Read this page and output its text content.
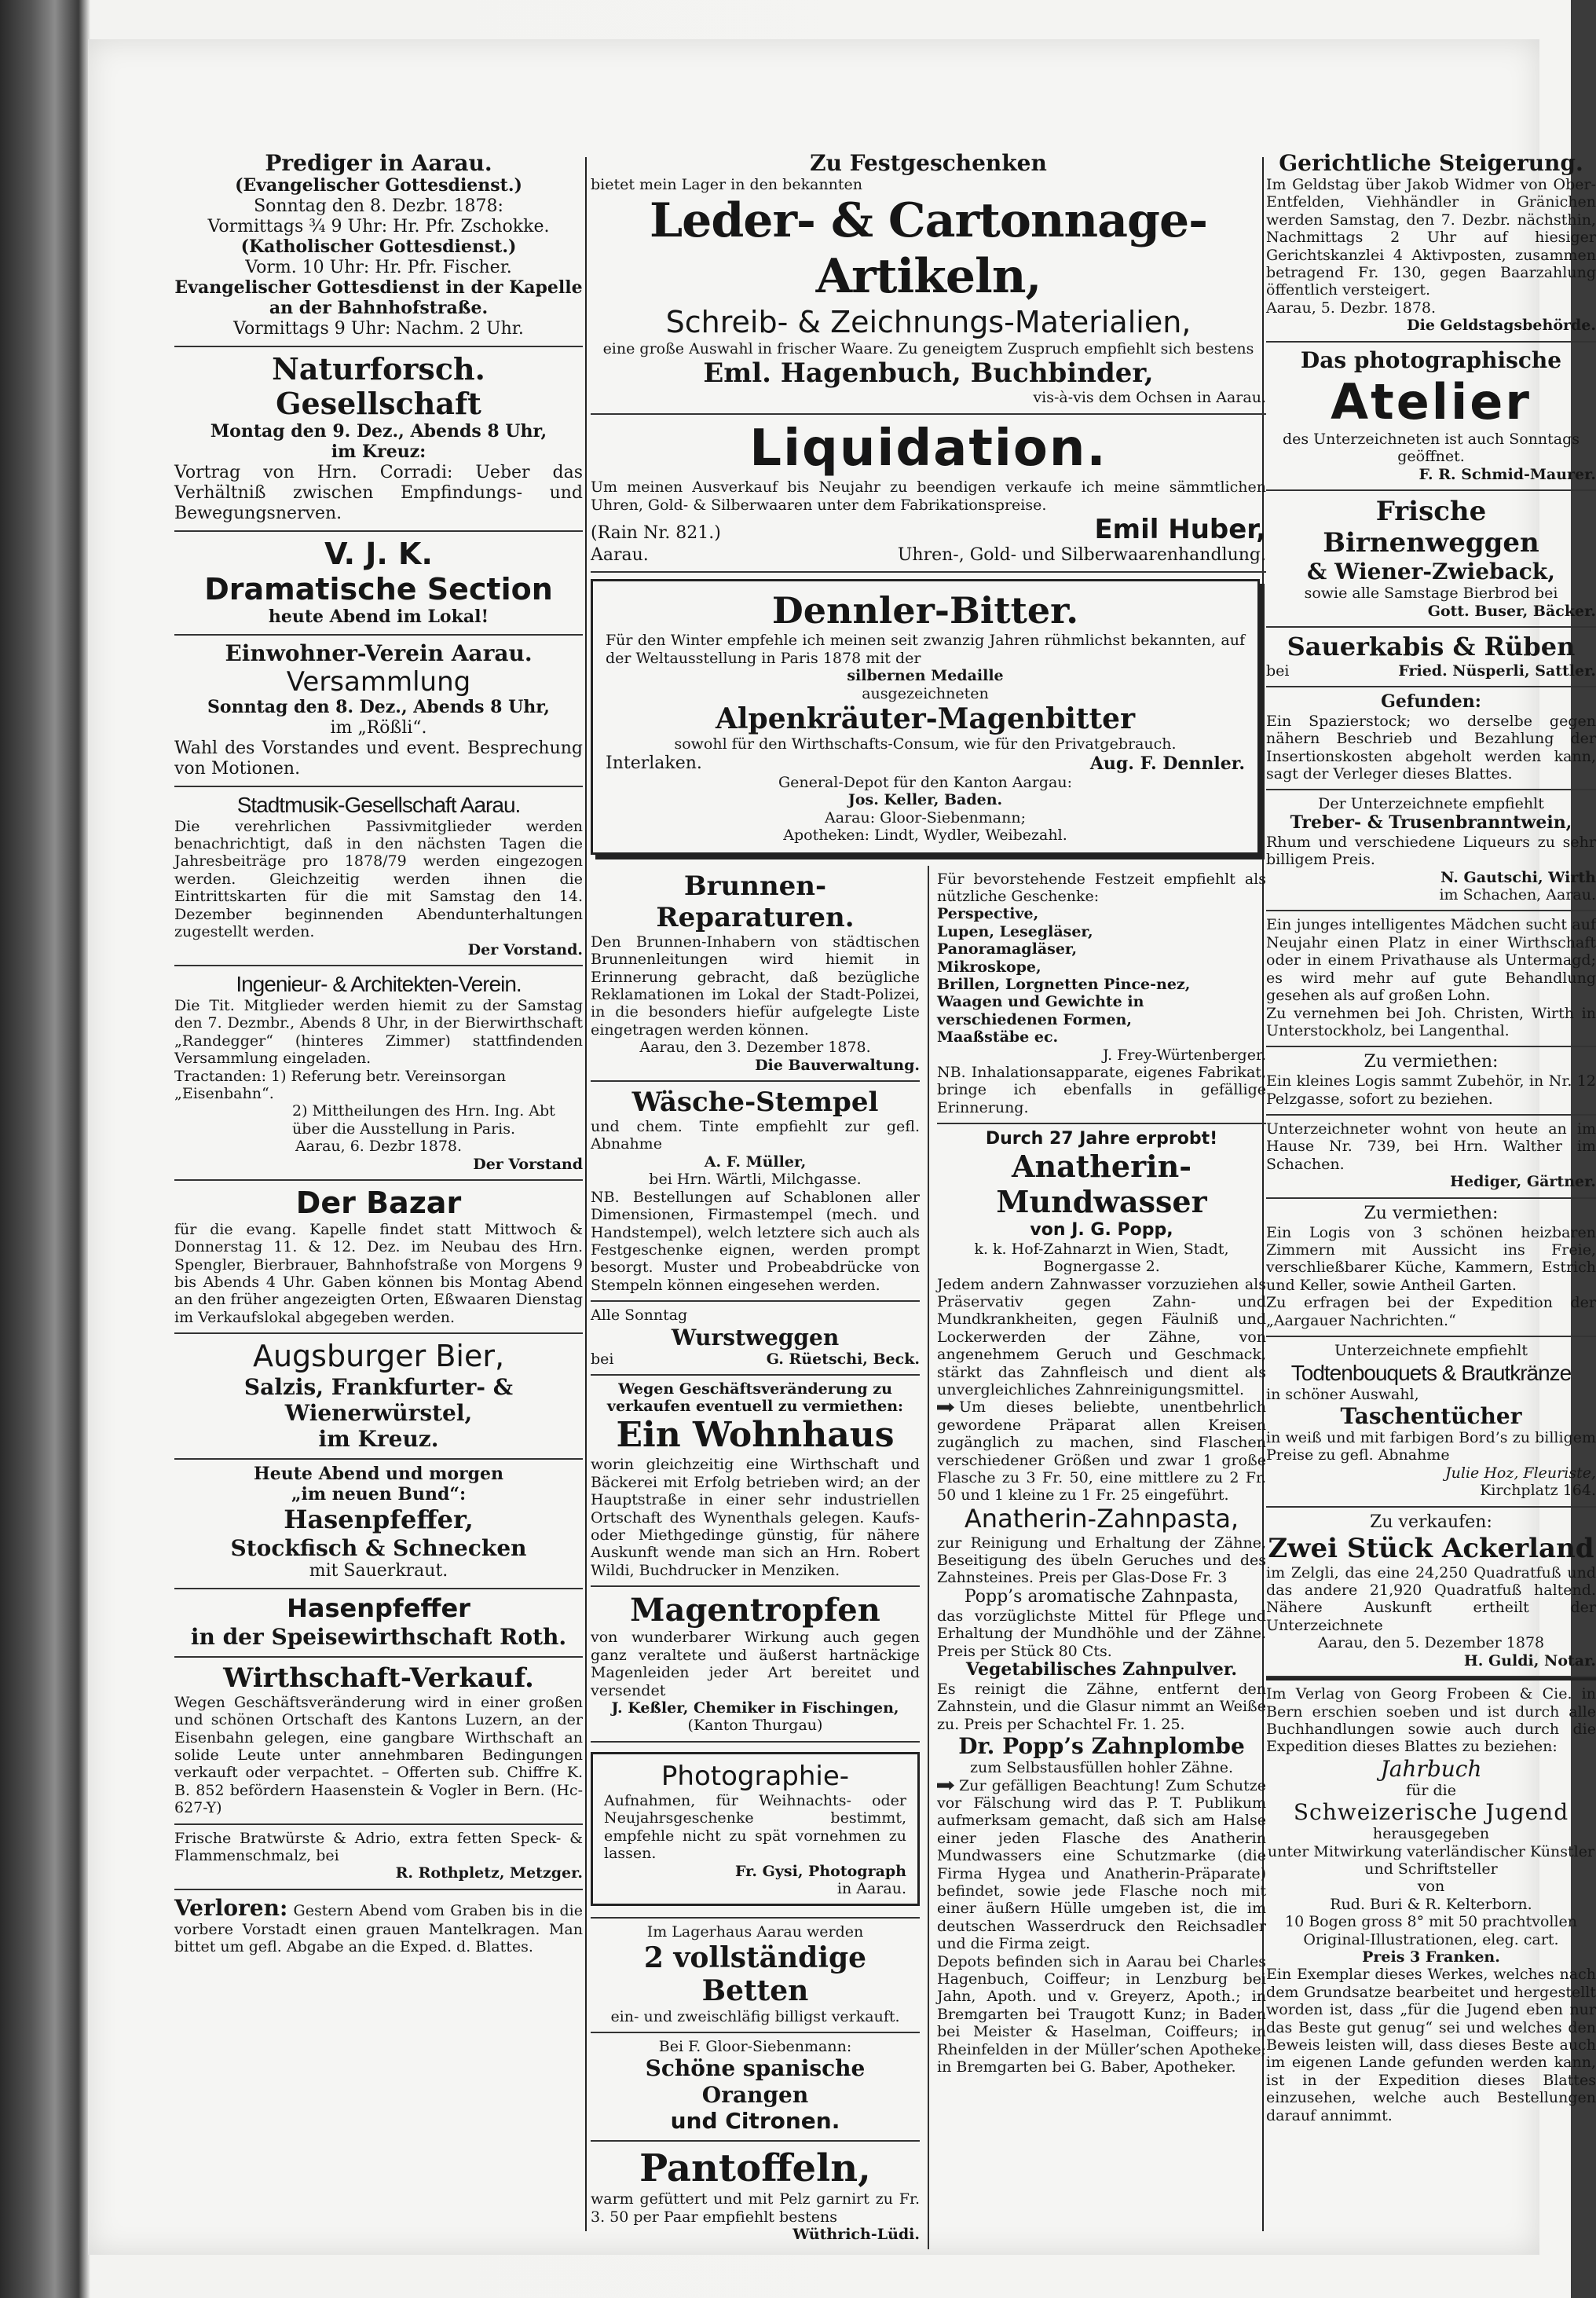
Prediger in Aarau.

(Evangelischer Gottesdienst.)

Sonntag den 8. Dezbr. 1878:

Vormittags ¾ 9 Uhr: Hr. Pfr. Zschokke.

(Katholischer Gottesdienst.)

Vorm. 10 Uhr: Hr. Pfr. Fischer.

Evangelischer Gottesdienst in der Kapelle an der Bahnhofstraße.

Vormittags 9 Uhr: Nachm. 2 Uhr.

Naturforsch. Gesellschaft

Montag den 9. Dez., Abends 8 Uhr,

im Kreuz:

Vortrag von Hrn. Corradi: Ueber das Verhältniß zwischen Empfindungs- und Bewegungsnerven.

V. J. K.

Dramatische Section

heute Abend im Lokal!

Einwohner-Verein Aarau.

Versammlung

Sonntag den 8. Dez., Abends 8 Uhr,

im „Rößli“.

Wahl des Vorstandes und event. Besprechung von Motionen.

Stadtmusik-Gesellschaft Aarau.

Die verehrlichen Passivmitglieder werden benachrichtigt, daß in den nächsten Tagen die Jahresbeiträge pro 1878/79 werden eingezogen werden. Gleichzeitig werden ihnen die Eintrittskarten für die mit Samstag den 14. Dezember beginnenden Abendunterhaltungen zugestellt werden.

Der Vorstand.

Ingenieur- & Architekten-Verein.

Die Tit. Mitglieder werden hiemit zu der Samstag den 7. Dezmbr., Abends 8 Uhr, in der Bierwirthschaft „Randegger“ (hinteres Zimmer) stattfindenden Versammlung eingeladen.

Tractanden: 1) Referung betr. Vereinsorgan „Eisenbahn“.

2) Mittheilungen des Hrn. Ing. Abt über die Ausstellung in Paris.

Aarau, 6. Dezbr 1878.

Der Vorstand

Der Bazar

für die evang. Kapelle findet statt Mittwoch & Donnerstag 11. & 12. Dez. im Neubau des Hrn. Spengler, Bierbrauer, Bahnhofstraße von Morgens 9 bis Abends 4 Uhr. Gaben können bis Montag Abend an den früher angezeigten Orten, Eßwaaren Dienstag im Verkaufslokal abgegeben werden.

Augsburger Bier,

Salzis, Frankfurter- &

Wienerwürstel,

im Kreuz.

Heute Abend und morgen

„im neuen Bund“:

Hasenpfeffer,

Stockfisch & Schnecken

mit Sauerkraut.

Hasenpfeffer

in der Speisewirthschaft Roth.

Wirthschaft-Verkauf.

Wegen Geschäftsveränderung wird in einer großen und schönen Ortschaft des Kantons Luzern, an der Eisenbahn gelegen, eine gangbare Wirthschaft an solide Leute unter annehmbaren Bedingungen verkauft oder verpachtet. – Offerten sub. Chiffre K. B. 852 befördern Haasenstein & Vogler in Bern. (Hc-627-Y)

Frische Bratwürste & Adrio, extra fetten Speck- & Flammenschmalz, bei

R. Rothpletz, Metzger.

Verloren: Gestern Abend vom Graben bis in die vorbere Vorstadt einen grauen Mantelkragen. Man bittet um gefl. Abgabe an die Exped. d. Blattes.

Zu Festgeschenken

bietet mein Lager in den bekannten

Leder- & Cartonnage-Artikeln,

Schreib- & Zeichnungs-Materialien,

eine große Auswahl in frischer Waare. Zu geneigtem Zuspruch empfiehlt sich bestens

Eml. Hagenbuch, Buchbinder,

vis-à-vis dem Ochsen in Aarau.

Liquidation.

Um meinen Ausverkauf bis Neujahr zu beendigen verkaufe ich meine sämmtlichen Uhren, Gold- & Silberwaaren unter dem Fabrikationspreise.

(Rain Nr. 821.)	Emil Huber,
Aarau.	Uhren-, Gold- und Silberwaarenhandlung.

Dennler-Bitter.

Für den Winter empfehle ich meinen seit zwanzig Jahren rühmlichst bekannten, auf der Weltausstellung in Paris 1878 mit der

silbernen Medaille

ausgezeichneten

Alpenkräuter-Magenbitter

sowohl für den Wirthschafts-Consum, wie für den Privatgebrauch.

Interlaken.	Aug. F. Dennler.

General-Depot für den Kanton Aargau:

Jos. Keller, Baden.

Aarau: Gloor-Siebenmann;

Apotheken: Lindt, Wydler, Weibezahl.

Brunnen-Reparaturen.

Den Brunnen-Inhabern von städtischen Brunnenleitungen wird hiemit in Erinnerung gebracht, daß bezügliche Reklamationen im Lokal der Stadt-Polizei, in die besonders hiefür aufgelegte Liste eingetragen werden können.

Aarau, den 3. Dezember 1878.

Die Bauverwaltung.

Wäsche-Stempel

und chem. Tinte empfiehlt zur gefl. Abnahme

A. F. Müller,

bei Hrn. Wärtli, Milchgasse.

NB. Bestellungen auf Schablonen aller Dimensionen, Firmastempel (mech. und Handstempel), welch letztere sich auch als Festgeschenke eignen, werden prompt besorgt. Muster und Probeabdrücke von Stempeln können eingesehen werden.

Alle Sonntag

Wurstweggen

bei	G. Rüetschi, Beck.

Wegen Geschäftsveränderung zu verkaufen eventuell zu vermiethen:

Ein Wohnhaus

worin gleichzeitig eine Wirthschaft und Bäckerei mit Erfolg betrieben wird; an der Hauptstraße in einer sehr industriellen Ortschaft des Wynenthals gelegen. Kaufs- oder Miethgedinge günstig, für nähere Auskunft wende man sich an Hrn. Robert Wildi, Buchdrucker in Menziken.

Magentropfen

von wunderbarer Wirkung auch gegen ganz veraltete und äußerst hartnäckige Magenleiden jeder Art bereitet und versendet

J. Keßler, Chemiker in Fischingen,

(Kanton Thurgau)

Photographie-

Aufnahmen, für Weihnachts- oder Neujahrsgeschenke bestimmt, empfehle nicht zu spät vornehmen zu lassen.

Fr. Gysi, Photograph

in Aarau.

Im Lagerhaus Aarau werden

2 vollständige Betten

ein- und zweischläfig billigst verkauft.

Bei F. Gloor-Siebenmann:

Schöne spanische Orangen

und Citronen.

Pantoffeln,

warm gefüttert und mit Pelz garnirt zu Fr. 3. 50 per Paar empfiehlt bestens

Wüthrich-Lüdi.

Für bevorstehende Festzeit empfiehlt als nützliche Geschenke:

Perspective,

Lupen, Lesegläser,

Panoramagläser,

Mikroskope,

Brillen, Lorgnetten Pince-nez,

Waagen und Gewichte in verschiedenen Formen,

Maaßstäbe ec.

J. Frey-Würtenberger.

NB. Inhalationsapparate, eigenes Fabrikat, bringe ich ebenfalls in gefällige Erinnerung.

Durch 27 Jahre erprobt!

Anatherin-Mundwasser

von J. G. Popp,

k. k. Hof-Zahnarzt in Wien, Stadt, Bognergasse 2.

Jedem andern Zahnwasser vorzuziehen als Präservativ gegen Zahn- und Mundkrankheiten, gegen Fäulniß und Lockerwerden der Zähne, von angenehmem Geruch und Geschmack, stärkt das Zahnfleisch und dient als unvergleichliches Zahnreinigungsmittel.

Um dieses beliebte, unentbehrlich gewordene Präparat allen Kreisen zugänglich zu machen, sind Flaschen verschiedener Größen und zwar 1 große Flasche zu 3 Fr. 50, eine mittlere zu 2 Fr. 50 und 1 kleine zu 1 Fr. 25 eingeführt.

Anatherin-Zahnpasta,

zur Reinigung und Erhaltung der Zähne, Beseitigung des übeln Geruches und des Zahnsteines. Preis per Glas-Dose Fr. 3

Popp’s aromatische Zahnpasta,

das vorzüglichste Mittel für Pflege und Erhaltung der Mundhöhle und der Zähne. Preis per Stück 80 Cts.

Vegetabilisches Zahnpulver.

Es reinigt die Zähne, entfernt den Zahnstein, und die Glasur nimmt an Weiße zu. Preis per Schachtel Fr. 1. 25.

Dr. Popp’s Zahnplombe

zum Selbstausfüllen hohler Zähne.

Zur gefälligen Beachtung! Zum Schutze vor Fälschung wird das P. T. Publikum aufmerksam gemacht, daß sich am Halse einer jeden Flasche des Anatherin Mundwassers eine Schutzmarke (die Firma Hygea und Anatherin-Präparate) befindet, sowie jede Flasche noch mit einer äußern Hülle umgeben ist, die im deutschen Wasserdruck den Reichsadler und die Firma zeigt.

Depots befinden sich in Aarau bei Charles Hagenbuch, Coiffeur; in Lenzburg bei Jahn, Apoth. und v. Greyerz, Apoth.; in Bremgarten bei Traugott Kunz; in Baden bei Meister & Haselman, Coiffeurs; in Rheinfelden in der Müller’schen Apotheke; in Bremgarten bei G. Baber, Apotheker.

Gerichtliche Steigerung.

Im Geldstag über Jakob Widmer von Ober-Entfelden, Viehhändler in Gränichen werden Samstag, den 7. Dezbr. nächsthin, Nachmittags 2 Uhr auf hiesiger Gerichtskanzlei 4 Aktivposten, zusammen betragend Fr. 130, gegen Baarzahlung öffentlich versteigert.

Aarau, 5. Dezbr. 1878.

Die Geldstagsbehörde.

Das photographische

Atelier

des Unterzeichneten ist auch Sonntags geöffnet.

F. R. Schmid-Maurer.

Frische Birnenweggen

& Wiener-Zwieback,

sowie alle Samstage Bierbrod bei

Gott. Buser, Bäcker.

Sauerkabis & Rüben

bei	Fried. Nüsperli, Sattler.

Gefunden:

Ein Spazierstock; wo derselbe gegen nähern Beschrieb und Bezahlung der Insertionskosten abgeholt werden kann, sagt der Verleger dieses Blattes.

Der Unterzeichnete empfiehlt

Treber- & Trusenbranntwein,

Rhum und verschiedene Liqueurs zu sehr billigem Preis.

N. Gautschi, Wirth

im Schachen, Aarau.

Ein junges intelligentes Mädchen sucht auf Neujahr einen Platz in einer Wirthschaft oder in einem Privathause als Untermagd; es wird mehr auf gute Behandlung gesehen als auf großen Lohn.

Zu vernehmen bei Joh. Christen, Wirth in Unterstockholz, bei Langenthal.

Zu vermiethen:

Ein kleines Logis sammt Zubehör, in Nr. 12 Pelzgasse, sofort zu beziehen.

Unterzeichneter wohnt von heute an im Hause Nr. 739, bei Hrn. Walther im Schachen.

Hediger, Gärtner.

Zu vermiethen:

Ein Logis von 3 schönen heizbaren Zimmern mit Aussicht ins Freie, verschließbarer Küche, Kammern, Estrich und Keller, sowie Antheil Garten.

Zu erfragen bei der Expedition der „Aargauer Nachrichten.“

Unterzeichnete empfiehlt

Todtenbouquets & Brautkränze

in schöner Auswahl,

Taschentücher

in weiß und mit farbigen Bord’s zu billigem Preise zu gefl. Abnahme

Julie Hoz, Fleuriste,

Kirchplatz 164.

Zu verkaufen:

Zwei Stück Ackerland

im Zelgli, das eine 24,250 Quadratfuß und das andere 21,920 Quadratfuß haltend. Nähere Auskunft ertheilt der Unterzeichnete

Aarau, den 5. Dezember 1878

H. Guldi, Notar.

Im Verlag von Georg Frobeen & Cie. in Bern erschien soeben und ist durch alle Buchhandlungen sowie auch durch die Expedition dieses Blattes zu beziehen:

Jahrbuch

für die

Schweizerische Jugend

herausgegeben

unter Mitwirkung vaterländischer Künstler und Schriftsteller

von

Rud. Buri & R. Kelterborn.

10 Bogen gross 8° mit 50 prachtvollen Original-Illustrationen, eleg. cart.

Preis 3 Franken.

Ein Exemplar dieses Werkes, welches nach dem Grundsatze bearbeitet und hergestellt worden ist, dass „für die Jugend eben nur das Beste gut genug“ sei und welches den Beweis leisten will, dass dieses Beste auch im eigenen Lande gefunden werden kann, ist in der Expedition dieses Blattes einzusehen, welche auch Bestellungen darauf annimmt.
